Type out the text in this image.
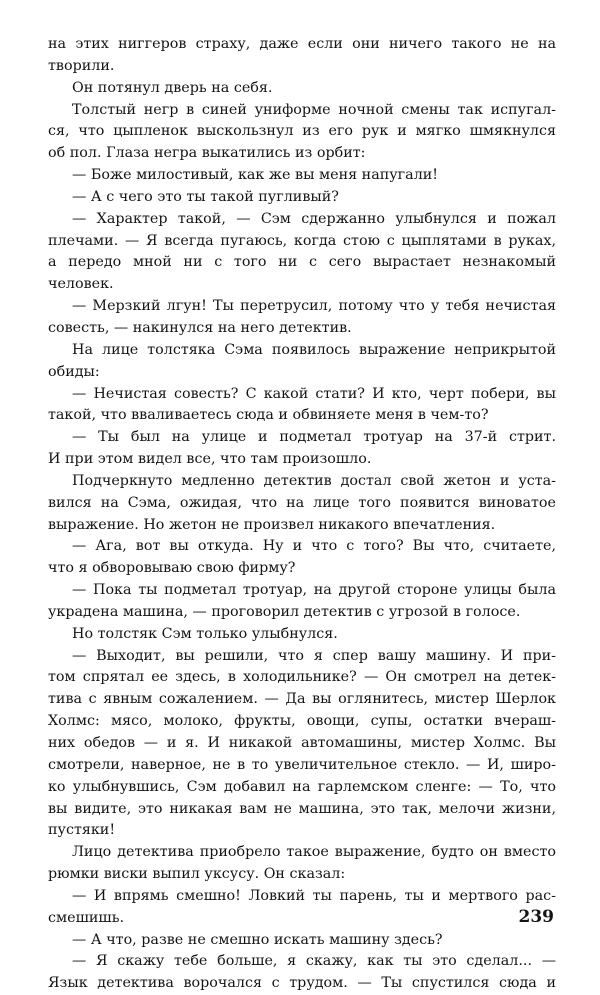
на этих ниггеров страху, даже если они ничего такого не на
творили.

Он потянул дверь на себя.

Толстый негр в синей униформе ночной смены так испугал-
ся, что цыпленок выскользнул из его рук и мягко шмякнулся
об пол. Глаза негра выкатились из орбит:

— Боже милостивый, как же вы меня напугали!

— А с чего это ты такой пугливый?

— Характер такой, — Сэм сдержанно улыбнулся и пожал
плечами. — Я всегда пугаюсь, когда стою с цыплятами в руках,
а передо мной ни с того ни с сего вырастает незнакомый
человек.

— Мерзкий лгун! Ты перетрусил, потому что у тебя нечистая
совесть, — накинулся на него детектив.

На лице толстяка Сэма появилось выражение неприкрытой
обиды:

— Нечистая совесть? С какой стати? И кто, черт побери, вы
такой, что вваливаетесь сюда и обвиняете меня в чем-то?

— Ты был на улице и подметал тротуар на 37-й стрит.
И при этом видел все, что там произошло.

Подчеркнуто медленно детектив достал свой жетон и уста-
вился на Сэма, ожидая, что на лице того появится виноватое
выражение. Но жетон не произвел никакого впечатления.

— Ага, вот вы откуда. Ну и что с того? Вы что, считаете,
что я обворовываю свою фирму?

— Пока ты подметал тротуар, на другой стороне улицы была
украдена машина, — проговорил детектив с угрозой в голосе.

Но толстяк Сэм только улыбнулся.

— Выходит, вы решили, что я спер вашу машину. И при-
том спрятал ее здесь, в холодильнике? — Он смотрел на детек-
тива с явным сожалением. — Да вы оглянитесь, мистер Шерлок
Холмс: мясо, молоко, фрукты, овощи, супы, остатки вчераш-
них обедов — и я. И никакой автомашины, мистер Холмс. Вы
смотрели, наверное, не в то увеличительное стекло. — И, широ-
ко улыбнувшись, Сэм добавил на гарлемском сленге: — То, что
вы видите, это никакая вам не машина, это так, мелочи жизни,
пустяки!

Лицо детектива приобрело такое выражение, будто он вместо
рюмки виски выпил уксусу. Он сказал:

— И впрямь смешно! Ловкий ты парень, ты и мертвого рас-
смешишь.

— А что, разве не смешно искать машину здесь?

— Я скажу тебе больше, я скажу, как ты это сделал... —
Язык детектива ворочался с трудом. — Ты спустился сюда и

239
